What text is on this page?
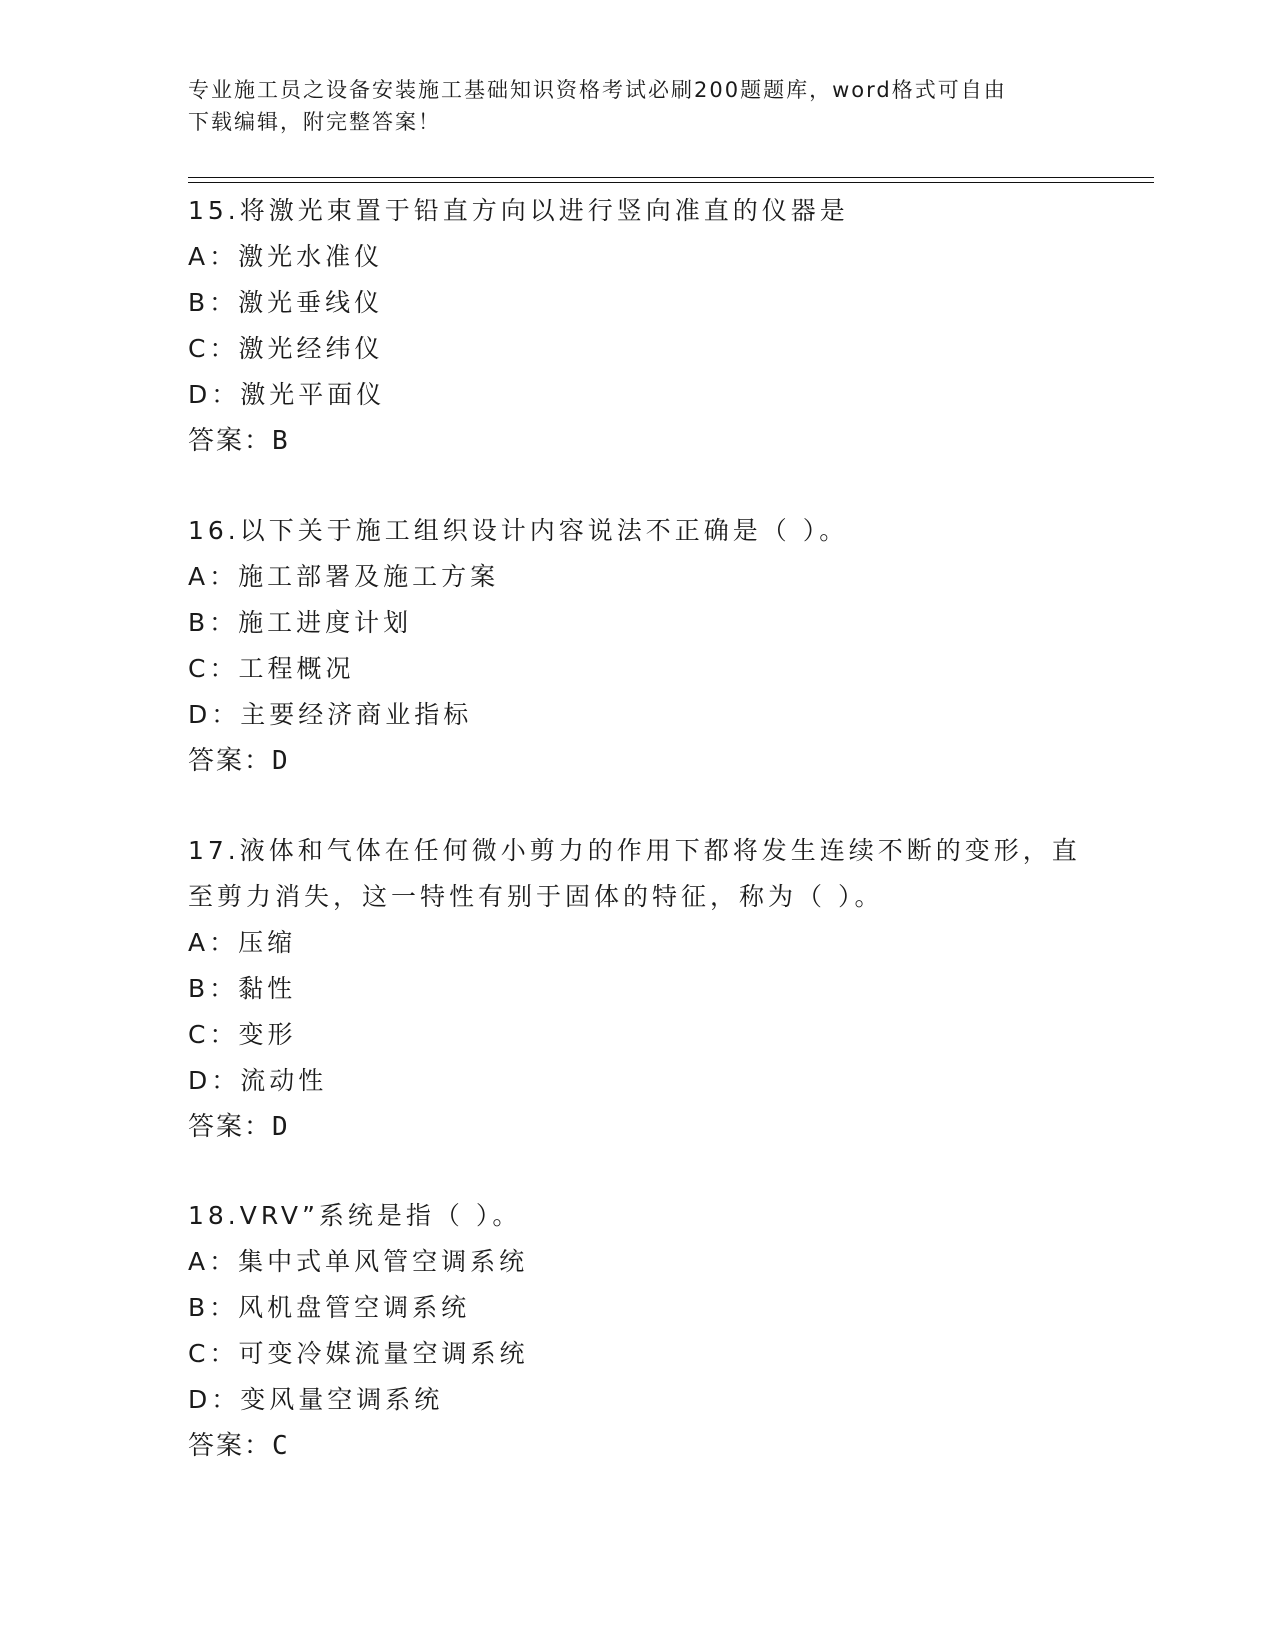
专业施工员之设备安装施工基础知识资格考试必刷200题题库，word格式可自由
下载编辑，附完整答案！
15.将激光束置于铅直方向以进行竖向准直的仪器是
A：激光水准仪
B：激光垂线仪
C：激光经纬仪
D：激光平面仪
答案：B
16.以下关于施工组织设计内容说法不正确是（ ）。
A：施工部署及施工方案
B：施工进度计划
C：工程概况
D：主要经济商业指标
答案：D
17.液体和气体在任何微小剪力的作用下都将发生连续不断的变形，直
至剪力消失，这一特性有别于固体的特征，称为（ ）。
A：压缩
B：黏性
C：变形
D：流动性
答案：D
18.VRV”系统是指（ ）。
A：集中式单风管空调系统
B：风机盘管空调系统
C：可变冷媒流量空调系统
D：变风量空调系统
答案：C
